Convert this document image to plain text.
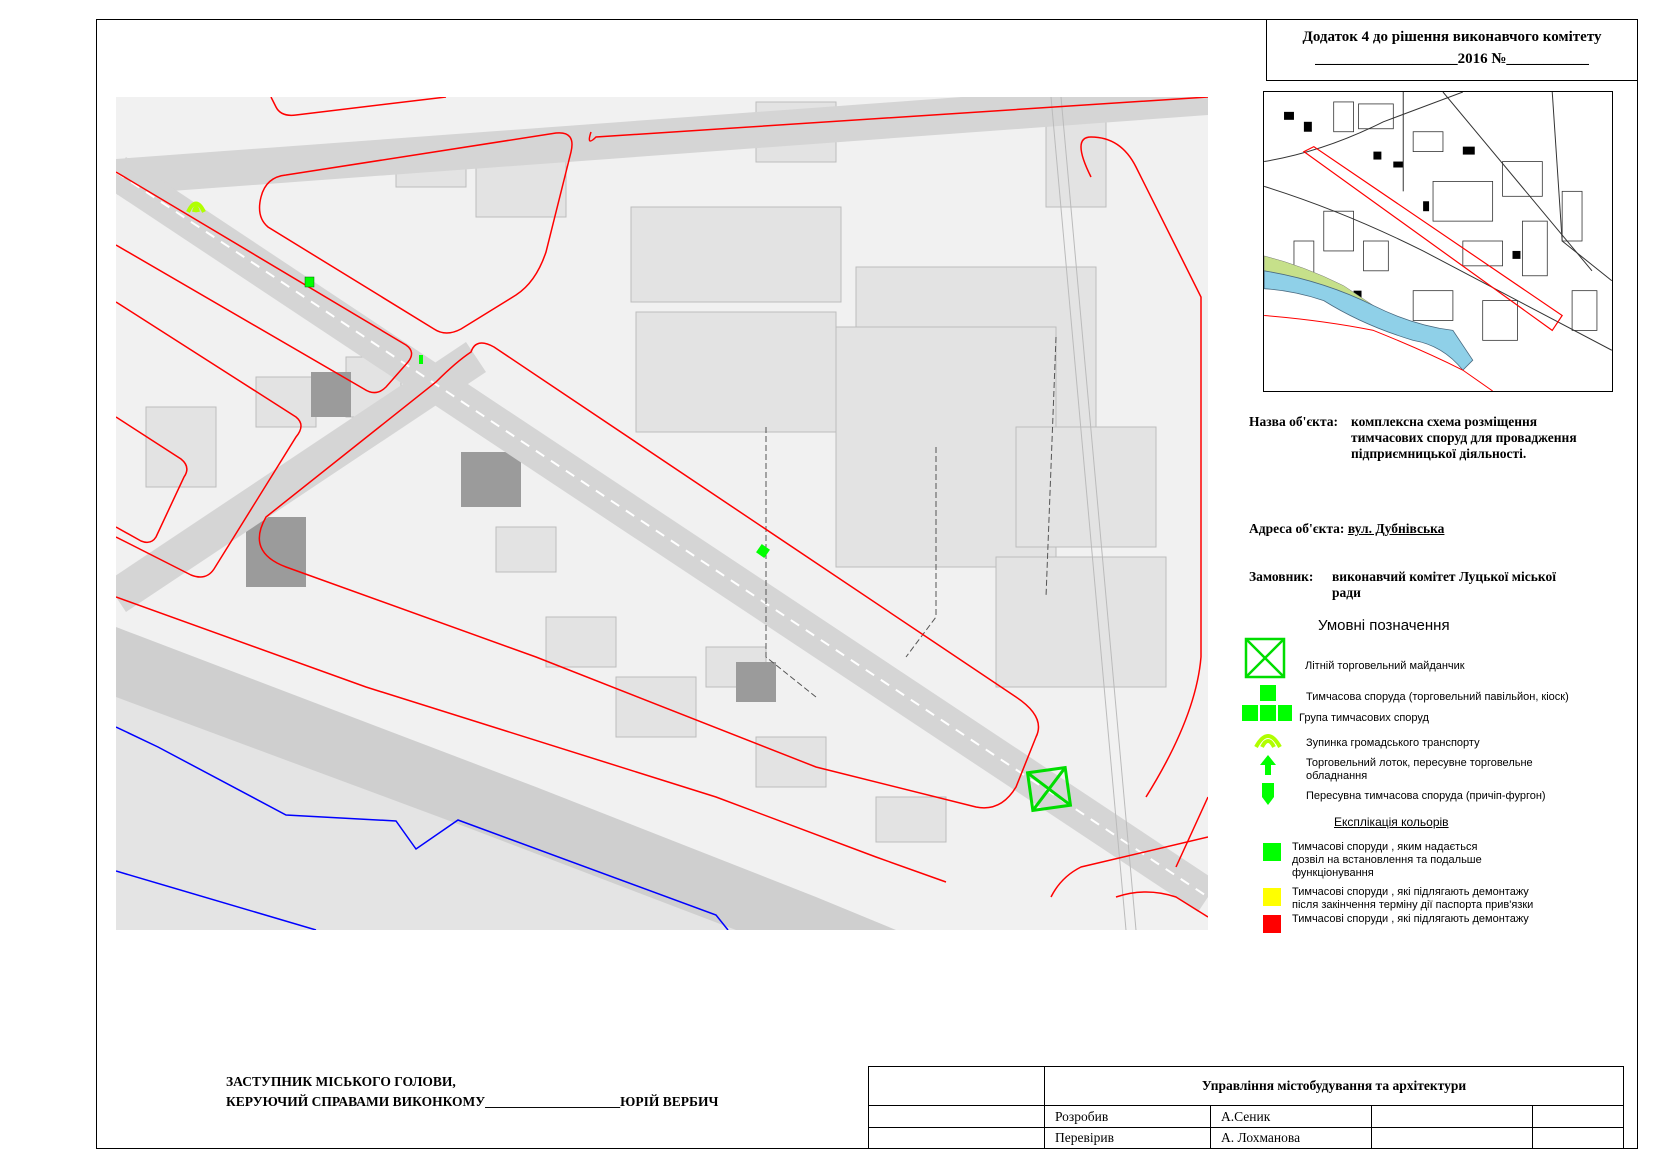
Додаток 4 до рішення виконавчого комітету
___________________2016 №___________
Назва об'єкта: комплексна схема розміщення
тимчасових споруд для провадження
підприємницької діяльності.
Адреса об'єкта: вул. Дубнівська
Замовник: виконавчий комітет Луцької міської
ради
Умовні позначення
Літній торговельний майданчик
Тимчасова споруда (торговельний павільйон, кіоск)
Група тимчасових споруд
Зупинка громадського транспорту
Торговельний лоток, пересувне торговельне
обладнання
Пересувна тимчасова споруда (причіп-фургон)
Експлікація кольорів
Тимчасові споруди , яким надається
дозвіл на встановлення та подальше
функціонування
Тимчасові споруди , які підлягають демонтажу
після закінчення терміну дії паспорта прив'язки
Тимчасові споруди , які підлягають демонтажу
ЗАСТУПНИК МІСЬКОГО ГОЛОВИ,
КЕРУЮЧИЙ СПРАВАМИ ВИКОНКОМУ____________________ЮРІЙ ВЕРБИЧ
	Управління містобудування та архітектури			
	Розробив	А.Сеник		
	Перевірив	А. Лохманова		
